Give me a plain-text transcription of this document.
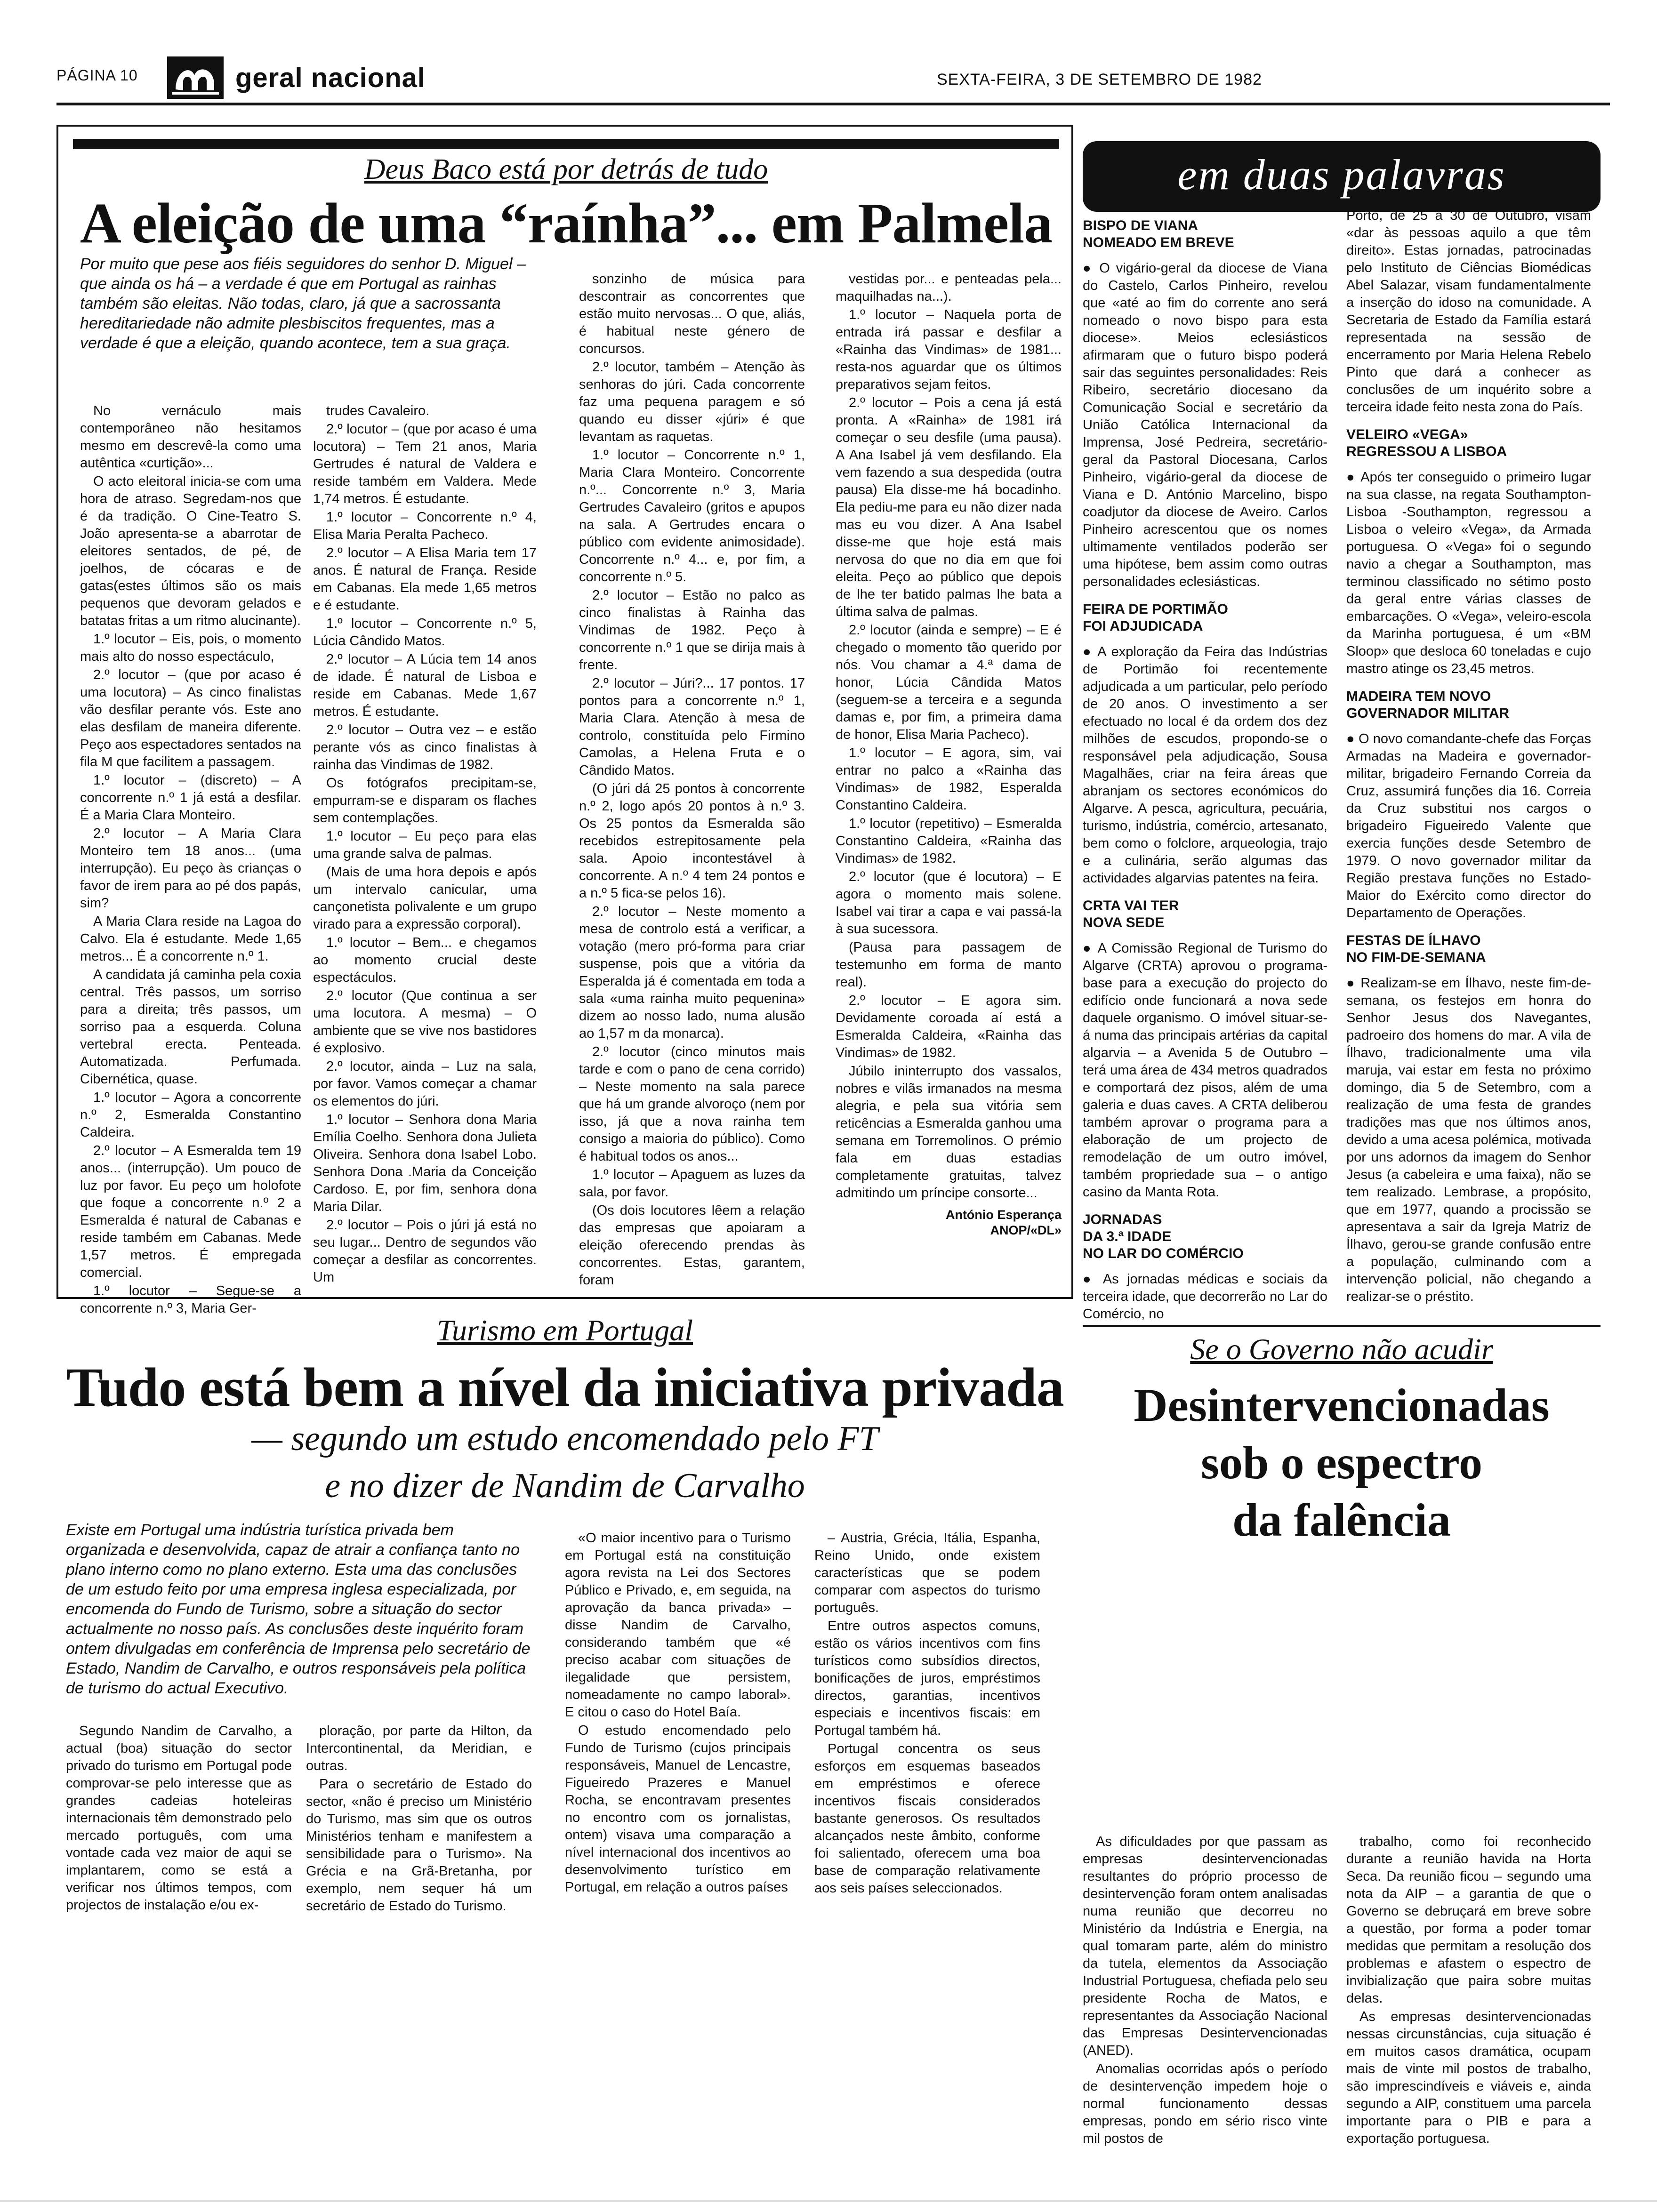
PÁGINA 10	geral nacional	SEXTA-FEIRA, 3 DE SETEMBRO DE 1982
Deus Baco está por detrás de tudo
A eleição de uma “raínha”... em Palmela
Por muito que pese aos fiéis seguidores do senhor D. Miguel – que ainda os há – a verdade é que em Portugal as rainhas também são eleitas. Não todas, claro, já que a sacrossanta hereditariedade não admite plesbiscitos frequentes, mas a verdade é que a eleição, quando acontece, tem a sua graça.

No vernáculo mais contemporâneo não hesitamos mesmo em descrevê-la como uma autêntica «curtição»...

O acto eleitoral inicia-se com uma hora de atraso. Segredam-nos que é da tradição. O Cine-Teatro S. João apresenta-se a abarrotar de eleitores sentados, de pé, de joelhos, de cócaras e de gatas(estes últimos são os mais pequenos que devoram gelados e batatas fritas a um ritmo alucinante).

1.º locutor – Eis, pois, o momento mais alto do nosso espectáculo,

2.º locutor – (que por acaso é uma locutora) – As cinco finalistas vão desfilar perante vós. Este ano elas desfilam de maneira diferente. Peço aos espectadores sentados na fila M que facilitem a passagem.

1.º locutor – (discreto) – A concorrente n.º 1 já está a desfilar. É a Maria Clara Monteiro.

2.º locutor – A Maria Clara Monteiro tem 18 anos... (uma interrupção). Eu peço às crianças o favor de irem para ao pé dos papás, sim?

A Maria Clara reside na Lagoa do Calvo. Ela é estudante. Mede 1,65 metros... É a concorrente n.º 1.

A candidata já caminha pela coxia central. Três passos, um sorriso para a direita; três passos, um sorriso paa a esquerda. Coluna vertebral erecta. Penteada. Automatizada. Perfumada. Cibernética, quase.

1.º locutor – Agora a concorrente n.º 2, Esmeralda Constantino Caldeira.

2.º locutor – A Esmeralda tem 19 anos... (interrupção). Um pouco de luz por favor. Eu peço um holofote que foque a concorrente n.º 2 a Esmeralda é natural de Cabanas e reside também em Cabanas. Mede 1,57 metros. É empregada comercial.

1.º locutor – Segue-se a concorrente n.º 3, Maria Ger-

trudes Cavaleiro.

2.º locutor – (que por acaso é uma locutora) – Tem 21 anos, Maria Gertrudes é natural de Valdera e reside também em Valdera. Mede 1,74 metros. É estudante.

1.º locutor – Concorrente n.º 4, Elisa Maria Peralta Pacheco.

2.º locutor – A Elisa Maria tem 17 anos. É natural de França. Reside em Cabanas. Ela mede 1,65 metros e é estudante.

1.º locutor – Concorrente n.º 5, Lúcia Cândido Matos.

2.º locutor – A Lúcia tem 14 anos de idade. É natural de Lisboa e reside em Cabanas. Mede 1,67 metros. É estudante.

2.º locutor – Outra vez – e estão perante vós as cinco finalistas à rainha das Vindimas de 1982.

Os fotógrafos precipitam-se, empurram-se e disparam os flaches sem contemplações.

1.º locutor – Eu peço para elas uma grande salva de palmas.

(Mais de uma hora depois e após um intervalo canicular, uma cançonetista polivalente e um grupo virado para a expressão corporal).

1.º locutor – Bem... e chegamos ao momento crucial deste espectáculos.

2.º locutor (Que continua a ser uma locutora. A mesma) – O ambiente que se vive nos bastidores é explosivo.

2.º locutor, ainda – Luz na sala, por favor. Vamos começar a chamar os elementos do júri.

1.º locutor – Senhora dona Maria Emília Coelho. Senhora dona Julieta Oliveira. Senhora dona Isabel Lobo. Senhora Dona .Maria da Conceição Cardoso. E, por fim, senhora dona Maria Dilar.

2.º locutor – Pois o júri já está no seu lugar... Dentro de segundos vão começar a desfilar as concorrentes. Um

sonzinho de música para descontrair as concorrentes que estão muito nervosas... O que, aliás, é habitual neste género de concursos.

2.º locutor, também – Atenção às senhoras do júri. Cada concorrente faz uma pequena paragem e só quando eu disser «júri» é que levantam as raquetas.

1.º locutor – Concorrente n.º 1, Maria Clara Monteiro. Concorrente n.º... Concorrente n.º 3, Maria Gertrudes Cavaleiro (gritos e apupos na sala. A Gertrudes encara o público com evidente animosidade). Concorrente n.º 4... e, por fim, a concorrente n.º 5.

2.º locutor – Estão no palco as cinco finalistas à Rainha das Vindimas de 1982. Peço à concorrente n.º 1 que se dirija mais à frente.

2.º locutor – Júri?... 17 pontos. 17 pontos para a concorrente n.º 1, Maria Clara. Atenção à mesa de controlo, constituída pelo Firmino Camolas, a Helena Fruta e o Cândido Matos.

(O júri dá 25 pontos à concorrente n.º 2, logo após 20 pontos à n.º 3. Os 25 pontos da Esmeralda são recebidos estrepitosamente pela sala. Apoio incontestável à concorrente. A n.º 4 tem 24 pontos e a n.º 5 fica-se pelos 16).

2.º locutor – Neste momento a mesa de controlo está a verificar, a votação (mero pró-forma para criar suspense, pois que a vitória da Esperalda já é comentada em toda a sala «uma rainha muito pequenina» dizem ao nosso lado, numa alusão ao 1,57 m da monarca).

2.º locutor (cinco minutos mais tarde e com o pano de cena corrido) – Neste momento na sala parece que há um grande alvoroço (nem por isso, já que a nova rainha tem consigo a maioria do público). Como é habitual todos os anos...

1.º locutor – Apaguem as luzes da sala, por favor.

(Os dois locutores lêem a relação das empresas que apoiaram a eleição oferecendo prendas às concorrentes. Estas, garantem, foram

vestidas por... e penteadas pela... maquilhadas na...).

1.º locutor – Naquela porta de entrada irá passar e desfilar a «Rainha das Vindimas» de 1981... resta-nos aguardar que os últimos preparativos sejam feitos.

2.º locutor – Pois a cena já está pronta. A «Rainha» de 1981 irá começar o seu desfile (uma pausa). A Ana Isabel já vem desfilando. Ela vem fazendo a sua despedida (outra pausa) Ela disse-me há bocadinho. Ela pediu-me para eu não dizer nada mas eu vou dizer. A Ana Isabel disse-me que hoje está mais nervosa do que no dia em que foi eleita. Peço ao público que depois de lhe ter batido palmas lhe bata a última salva de palmas.

2.º locutor (ainda e sempre) – E é chegado o momento tão querido por nós. Vou chamar a 4.ª dama de honor, Lúcia Cândida Matos (seguem-se a terceira e a segunda damas e, por fim, a primeira dama de honor, Elisa Maria Pacheco).

1.º locutor – E agora, sim, vai entrar no palco a «Rainha das Vindimas» de 1982, Esperalda Constantino Caldeira.

1.º locutor (repetitivo) – Esmeralda Constantino Caldeira, «Rainha das Vindimas» de 1982.

2.º locutor (que é locutora) – E agora o momento mais solene. Isabel vai tirar a capa e vai passá-la à sua sucessora.

(Pausa para passagem de testemunho em forma de manto real).

2.º locutor – E agora sim. Devidamente coroada aí está a Esmeralda Caldeira, «Rainha das Vindimas» de 1982.

Júbilo ininterrupto dos vassalos, nobres e vilãs irmanados na mesma alegria, e pela sua vitória sem reticências a Esmeralda ganhou uma semana em Torremolinos. O prémio fala em duas estadias completamente gratuitas, talvez admitindo um príncipe consorte...

António Esperança
ANOP/«DL»
em duas palavras
BISPO DE VIANA
NOMEADO EM BREVE

● O vigário-geral da diocese de Viana do Castelo, Carlos Pinheiro, revelou que «até ao fim do corrente ano será nomeado o novo bispo para esta diocese». Meios eclesiásticos afirmaram que o futuro bispo poderá sair das seguintes personalidades: Reis Ribeiro, secretário diocesano da Comunicação Social e secretário da União Católica Internacional da Imprensa, José Pedreira, secretário-geral da Pastoral Diocesana, Carlos Pinheiro, vigário-geral da diocese de Viana e D. António Marcelino, bispo coadjutor da diocese de Aveiro. Carlos Pinheiro acrescentou que os nomes ultimamente ventilados poderão ser uma hipótese, bem assim como outras personalidades eclesiásticas.

FEIRA DE PORTIMÃO
FOI ADJUDICADA

● A exploração da Feira das Indústrias de Portimão foi recentemente adjudicada a um particular, pelo período de 20 anos. O investimento a ser efectuado no local é da ordem dos dez milhões de escudos, propondo-se o responsável pela adjudicação, Sousa Magalhães, criar na feira áreas que abranjam os sectores económicos do Algarve. A pesca, agricultura, pecuária, turismo, indústria, comércio, artesanato, bem como o folclore, arqueologia, trajo e a culinária, serão algumas das actividades algarvias patentes na feira.

CRTA VAI TER
NOVA SEDE

● A Comissão Regional de Turismo do Algarve (CRTA) aprovou o programa-base para a execução do projecto do edifício onde funcionará a nova sede daquele organismo. O imóvel situar-se-á numa das principais artérias da capital algarvia – a Avenida 5 de Outubro – terá uma área de 434 metros quadrados e comportará dez pisos, além de uma galeria e duas caves. A CRTA deliberou também aprovar o programa para a elaboração de um projecto de remodelação de um outro imóvel, também propriedade sua – o antigo casino da Manta Rota.

JORNADAS
DA 3.ª IDADE
NO LAR DO COMÉRCIO

● As jornadas médicas e sociais da terceira idade, que decorrerão no Lar do Comércio, no

Porto, de 25 a 30 de Outubro, visam «dar às pessoas aquilo a que têm direito». Estas jornadas, patrocinadas pelo Instituto de Ciências Biomédicas Abel Salazar, visam fundamentalmente a inserção do idoso na comunidade. A Secretaria de Estado da Família estará representada na sessão de encerramento por Maria Helena Rebelo Pinto que dará a conhecer as conclusões de um inquérito sobre a terceira idade feito nesta zona do País.

VELEIRO «VEGA»
REGRESSOU A LISBOA

● Após ter conseguido o primeiro lugar na sua classe, na regata Southampton-Lisboa -Southampton, regressou a Lisboa o veleiro «Vega», da Armada portuguesa. O «Vega» foi o segundo navio a chegar a Southampton, mas terminou classificado no sétimo posto da geral entre várias classes de embarcações. O «Vega», veleiro-escola da Marinha portuguesa, é um «BM Sloop» que desloca 60 toneladas e cujo mastro atinge os 23,45 metros.

MADEIRA TEM NOVO
GOVERNADOR MILITAR

● O novo comandante-chefe das Forças Armadas na Madeira e governador-militar, brigadeiro Fernando Correia da Cruz, assumirá funções dia 16. Correia da Cruz substitui nos cargos o brigadeiro Figueiredo Valente que exercia funções desde Setembro de 1979. O novo governador militar da Região prestava funções no Estado-Maior do Exército como director do Departamento de Operações.

FESTAS DE ÍLHAVO
NO FIM-DE-SEMANA

● Realizam-se em Ílhavo, neste fim-de-semana, os festejos em honra do Senhor Jesus dos Navegantes, padroeiro dos homens do mar. A vila de Ílhavo, tradicionalmente uma vila maruja, vai estar em festa no próximo domingo, dia 5 de Setembro, com a realização de uma festa de grandes tradições mas que nos últimos anos, devido a uma acesa polémica, motivada por uns adornos da imagem do Senhor Jesus (a cabeleira e uma faixa), não se tem realizado. Lembrase, a propósito, que em 1977, quando a procissão se apresentava a sair da Igreja Matriz de Ílhavo, gerou-se grande confusão entre a população, culminando com a intervenção policial, não chegando a realizar-se o préstito.

Turismo em Portugal
Tudo está bem a nível da iniciativa privada
— segundo um estudo encomendado pelo FT
e no dizer de Nandim de Carvalho
Existe em Portugal uma indústria turística privada bem organizada e desenvolvida, capaz de atrair a confiança tanto no plano interno como no plano externo. Esta uma das conclusões de um estudo feito por uma empresa inglesa especializada, por encomenda do Fundo de Turismo, sobre a situação do sector actualmente no nosso país. As conclusões deste inquérito foram ontem divulgadas em conferência de Imprensa pelo secretário de Estado, Nandim de Carvalho, e outros responsáveis pela política de turismo do actual Executivo.

Segundo Nandim de Carvalho, a actual (boa) situação do sector privado do turismo em Portugal pode comprovar-se pelo interesse que as grandes cadeias hoteleiras internacionais têm demonstrado pelo mercado português, com uma vontade cada vez maior de aqui se implantarem, como se está a verificar nos últimos tempos, com projectos de instalação e/ou ex-

ploração, por parte da Hilton, da Intercontinental, da Meridian, e outras.

Para o secretário de Estado do sector, «não é preciso um Ministério do Turismo, mas sim que os outros Ministérios tenham e manifestem a sensibilidade para o Turismo». Na Grécia e na Grã-Bretanha, por exemplo, nem sequer há um secretário de Estado do Turismo.

«O maior incentivo para o Turismo em Portugal está na constituição agora revista na Lei dos Sectores Público e Privado, e, em seguida, na aprovação da banca privada» – disse Nandim de Carvalho, considerando também que «é preciso acabar com situações de ilegalidade que persistem, nomeadamente no campo laboral». E citou o caso do Hotel Baía.

O estudo encomendado pelo Fundo de Turismo (cujos principais responsáveis, Manuel de Lencastre, Figueiredo Prazeres e Manuel Rocha, se encontravam presentes no encontro com os jornalistas, ontem) visava uma comparação a nível internacional dos incentivos ao desenvolvimento turístico em Portugal, em relação a outros países

– Austria, Grécia, Itália, Espanha, Reino Unido, onde existem características que se podem comparar com aspectos do turismo português.

Entre outros aspectos comuns, estão os vários incentivos com fins turísticos como subsídios directos, bonificações de juros, empréstimos directos, garantias, incentivos especiais e incentivos fiscais: em Portugal também há.

Portugal concentra os seus esforços em esquemas baseados em empréstimos e oferece incentivos fiscais considerados bastante generosos. Os resultados alcançados neste âmbito, conforme foi salientado, oferecem uma boa base de comparação relativamente aos seis países seleccionados.

Se o Governo não acudir
Desintervencionadas
sob o espectro
da falência

As dificuldades por que passam as empresas desintervencionadas resultantes do próprio processo de desintervenção foram ontem analisadas numa reunião que decorreu no Ministério da Indústria e Energia, na qual tomaram parte, além do ministro da tutela, elementos da Associação Industrial Portuguesa, chefiada pelo seu presidente Rocha de Matos, e representantes da Associação Nacional das Empresas Desintervencionadas (ANED).

Anomalias ocorridas após o período de desintervenção impedem hoje o normal funcionamento dessas empresas, pondo em sério risco vinte mil postos de

trabalho, como foi reconhecido durante a reunião havida na Horta Seca. Da reunião ficou – segundo uma nota da AIP – a garantia de que o Governo se debruçará em breve sobre a questão, por forma a poder tomar medidas que permitam a resolução dos problemas e afastem o espectro de invibialização que paira sobre muitas delas.

As empresas desintervencionadas nessas circunstâncias, cuja situação é em muitos casos dramática, ocupam mais de vinte mil postos de trabalho, são imprescindíveis e viáveis e, ainda segundo a AIP, constituem uma parcela importante para o PIB e para a exportação portuguesa.
